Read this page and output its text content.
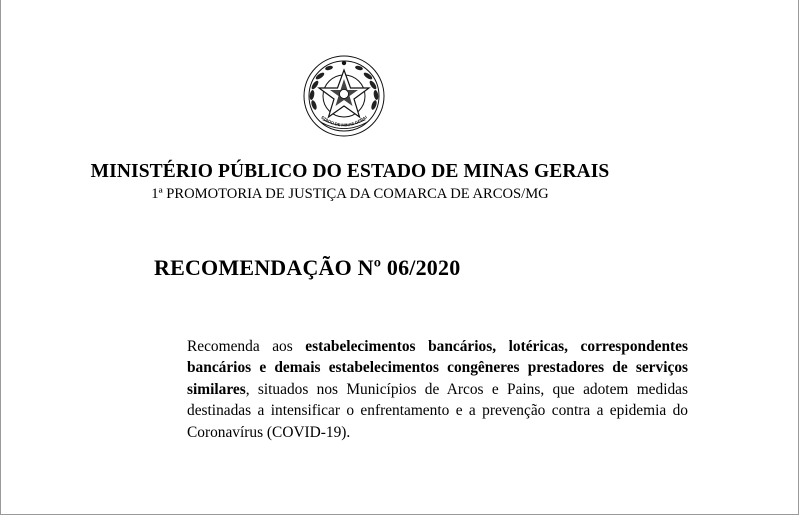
STADO DE MINAS GERAI
MINISTÉRIO PÚBLICO DO ESTADO DE MINAS GERAIS
1ª PROMOTORIA DE JUSTIÇA DA COMARCA DE ARCOS/MG
RECOMENDAÇÃO Nº 06/2020
Recomenda aos estabelecimentos bancários, lotéricas, correspondentes bancários e demais estabelecimentos congêneres prestadores de serviços similares, situados nos Municípios de Arcos e Pains, que adotem medidas destinadas a intensificar o enfrentamento e a prevenção contra a epidemia do Coronavírus (COVID-19).
